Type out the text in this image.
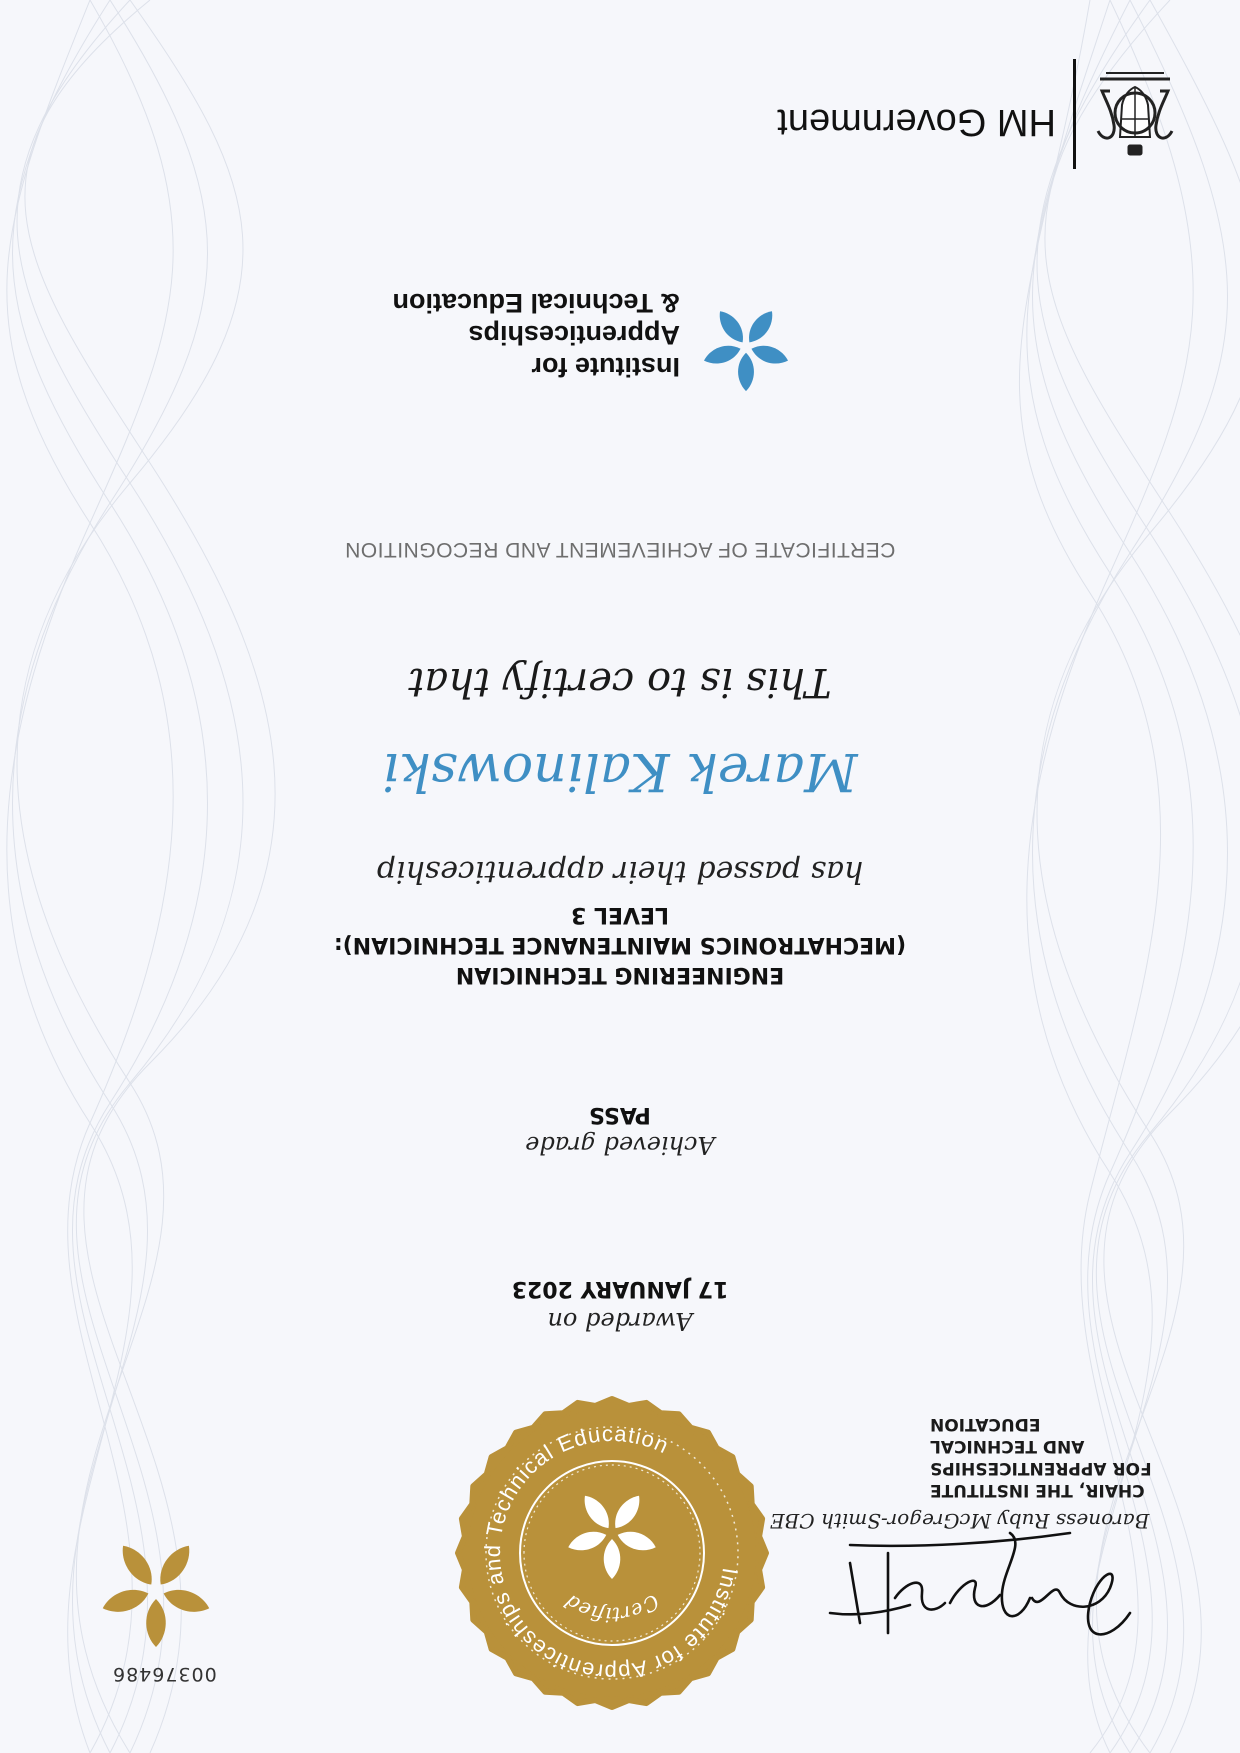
00376486
Institute for Apprenticeships and Technical Education
Certified
Baroness Ruby McGregor-Smith CBE
CHAIR, THE INSTITUTE
FOR APPRENTICESHIPS
AND TECHNICAL
EDUCATION
Awarded on
17 JANUARY 2023
Achieved grade
PASS
ENGINEERING TECHNICIAN
(MECHATRONICS MAINTENANCE TECHNICIAN):
LEVEL 3
has passed their apprenticeship
Marek Kalinowski
This is to certify that
CERTIFICATE OF ACHIEVEMENT AND RECOGNITION
Institute for Apprenticeships
& Technical Education
HM Government
